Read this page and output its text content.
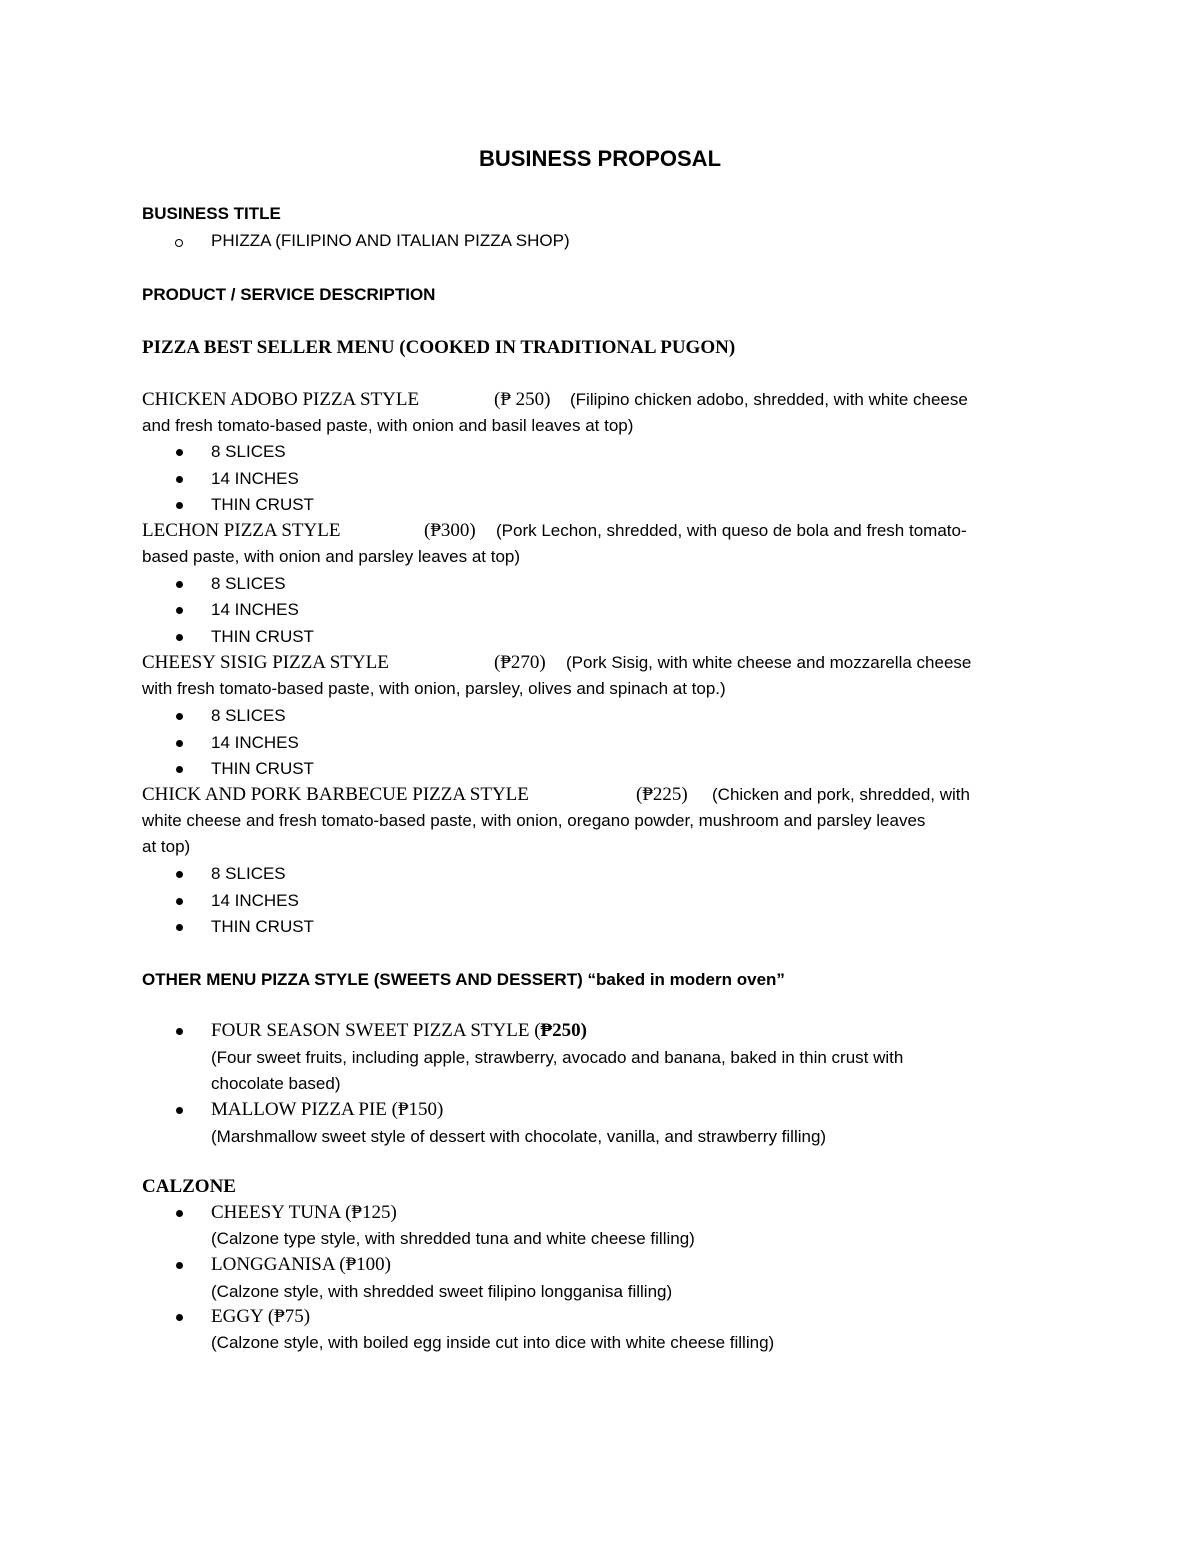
BUSINESS PROPOSAL
BUSINESS TITLE
PHIZZA (FILIPINO AND ITALIAN PIZZA SHOP)
PRODUCT / SERVICE DESCRIPTION
PIZZA BEST SELLER MENU (COOKED IN TRADITIONAL PUGON)
CHICKEN ADOBO PIZZA STYLE	(₱ 250) (Filipino chicken adobo, shredded, with white cheese
and fresh tomato-based paste, with onion and basil leaves at top)
8 SLICES
14 INCHES
THIN CRUST
LECHON PIZZA STYLE	(₱300) (Pork Lechon, shredded, with queso de bola and fresh tomato-
based paste, with onion and parsley leaves at top)
8 SLICES
14 INCHES
THIN CRUST
CHEESY SISIG PIZZA STYLE	(₱270) (Pork Sisig, with white cheese and mozzarella cheese
with fresh tomato-based paste, with onion, parsley, olives and spinach at top.)
8 SLICES
14 INCHES
THIN CRUST
CHICK AND PORK BARBECUE PIZZA STYLE	(₱225) (Chicken and pork, shredded, with
white cheese and fresh tomato-based paste, with onion, oregano powder, mushroom and parsley leaves
at top)
8 SLICES
14 INCHES
THIN CRUST
OTHER MENU PIZZA STYLE (SWEETS AND DESSERT) “baked in modern oven”
FOUR SEASON SWEET PIZZA STYLE (₱250)
(Four sweet fruits, including apple, strawberry, avocado and banana, baked in thin crust with
chocolate based)
MALLOW PIZZA PIE (₱150)
(Marshmallow sweet style of dessert with chocolate, vanilla, and strawberry filling)
CALZONE
CHEESY TUNA (₱125)
(Calzone type style, with shredded tuna and white cheese filling)
LONGGANISA (₱100)
(Calzone style, with shredded sweet filipino longganisa filling)
EGGY (₱75)
(Calzone style, with boiled egg inside cut into dice with white cheese filling)
